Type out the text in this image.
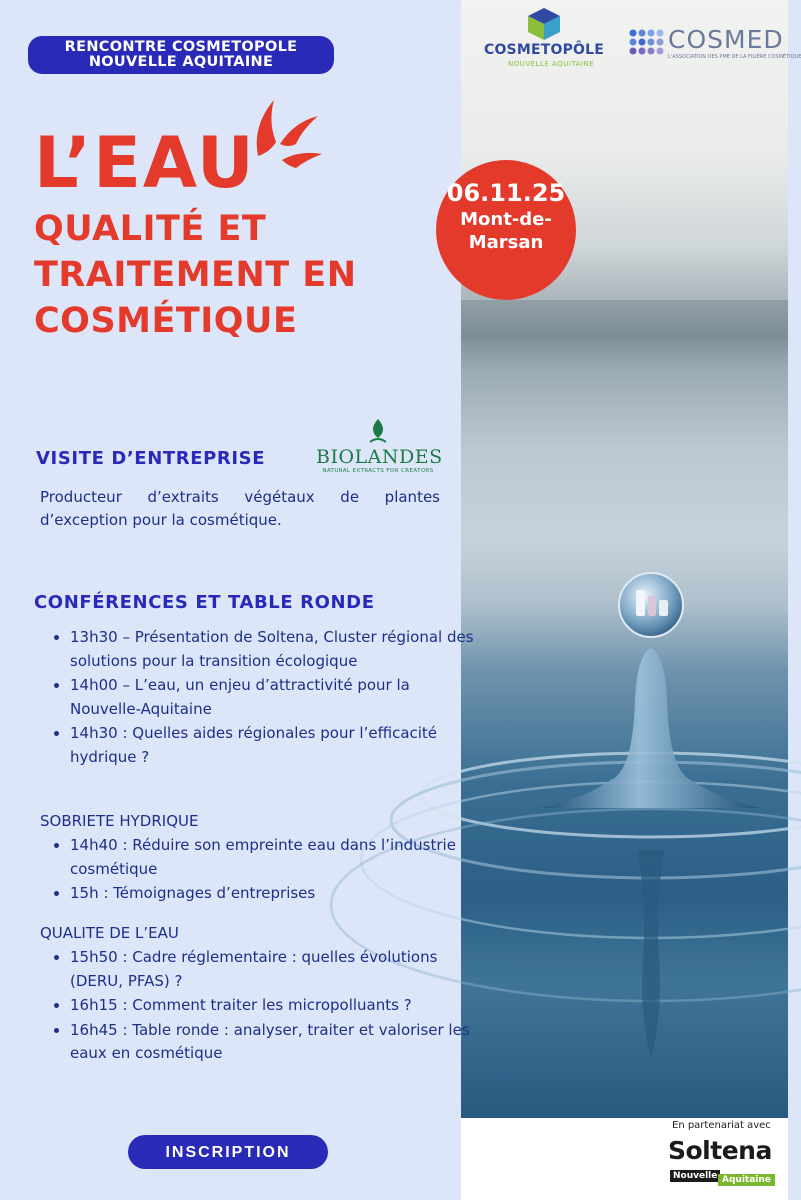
RENCONTRE COSMETOPOLE
NOUVELLE AQUITAINE
L’EAU
QUALITÉ ET
TRAITEMENT EN
COSMÉTIQUE
06.11.25
Mont-de-
Marsan
COSMETOPÔLE
NOUVELLE AQUITAINE
COSMED
L'ASSOCIATION DES PME DE LA FILIÈRE COSMÉTIQUE
VISITE D’ENTREPRISE	BIOLANDES
NATURAL EXTRACTS FOR CREATORS
Producteur d’extraits végétaux de plantes d’exception pour la cosmétique.
CONFÉRENCES ET TABLE RONDE
• 13h30 – Présentation de Soltena, Cluster régional des solutions pour la transition écologique
• 14h00 – L’eau, un enjeu d’attractivité pour la Nouvelle-Aquitaine
• 14h30 : Quelles aides régionales pour l’efficacité hydrique ?
SOBRIETE HYDRIQUE
• 14h40 : Réduire son empreinte eau dans l’industrie cosmétique
• 15h : Témoignages d’entreprises
QUALITE DE L’EAU
• 15h50 : Cadre réglementaire : quelles évolutions (DERU, PFAS) ?
• 16h15 : Comment traiter les micropolluants ?
• 16h45 : Table ronde : analyser, traiter et valoriser les eaux en cosmétique
INSCRIPTION
En partenariat avec
Soltena
Nouvelle Aquitaine
